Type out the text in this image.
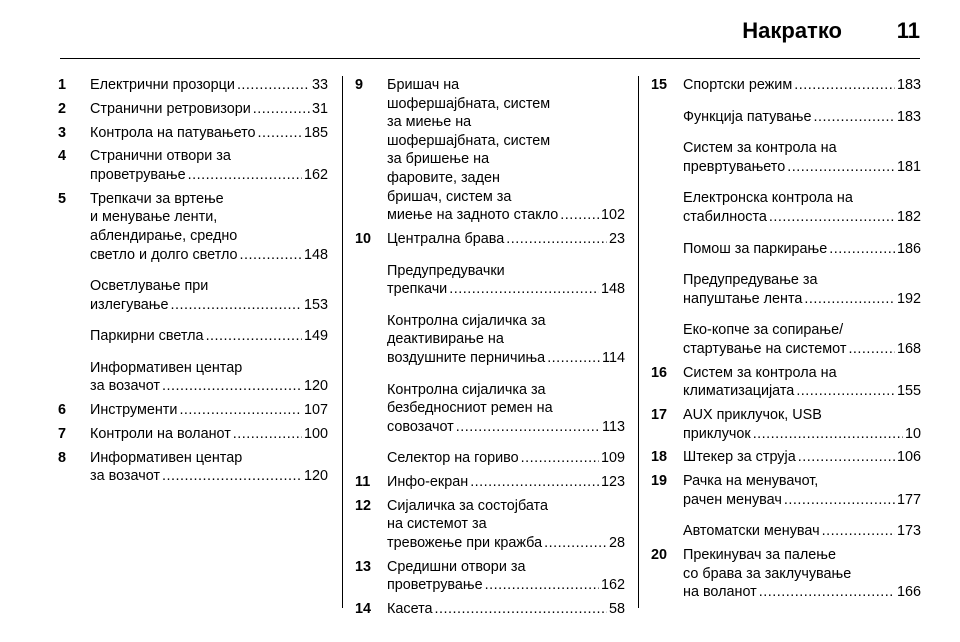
Накратко 11
1 Електрични прозорци .....	33
2 Странични ретровизори .....	31
3 Контрола на патувањето .....	185
4 Странични отвори за
проветрување .....	162
5 Трепкачи за вртење
и менување ленти,
аблендирање, средно
светло и долго светло .....	148
Осветлување при
излегување .....	153
Паркирни светла .....	149
Информативен центар
за возачот .....	120
6 Инструменти .....	107
7 Контроли на воланот .....	100
8 Информативен центар
за возачот .....	120
9 Бришач на
шофершајбната, систем
за миење на
шофершајбната, систем
за бришење на
фаровите, заден
бришач, систем за
миење на задното стакло .....	102
10 Централна брава .....	23
Предупредувачки
трепкачи .....	148
Контролна сијаличка за
деактивирање на
воздушните перничиња .....	114
Контролна сијаличка за
безбедносниот ремен на
совозачот .....	113
Селектор на гориво .....	109
11 Инфо-екран .....	123
12 Сијаличка за состојбата
на системот за
тревожење при кражба .....	28
13 Средишни отвори за
проветрување .....	162
14 Касета .....	58
15 Спортски режим .....	183
Функција патување .....	183
Систем за контрола на
превртувањето .....	181
Електронска контрола на
стабилноста .....	182
Помош за паркирање .....	186
Предупредување за
напуштање лента .....	192
Еко-копче за сопирање/
стартување на системот .....	168
16 Систем за контрола на
климатизацијата .....	155
17 AUX приклучок, USB
приклучок .....	10
18 Штекер за струја .....	106
19 Рачка на менувачот,
рачен менувач .....	177
Автоматски менувач .....	173
20 Прекинувач за палење
со брава за заклучување
на воланот .....	166
